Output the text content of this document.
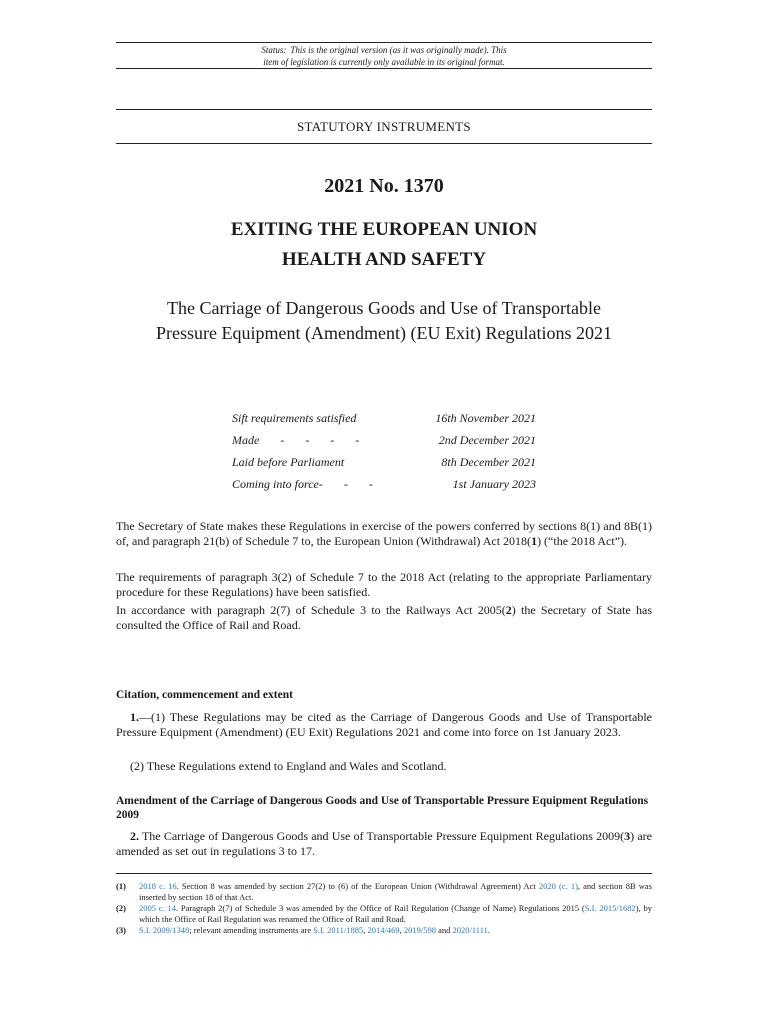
Status: This is the original version (as it was originally made). This
item of legislation is currently only available in its original format.
STATUTORY INSTRUMENTS
2021 No. 1370
EXITING THE EUROPEAN UNION
HEALTH AND SAFETY
The Carriage of Dangerous Goods and Use of Transportable
Pressure Equipment (Amendment) (EU Exit) Regulations 2021
Sift requirements satisfied	16th November 2021
Made       -       -       -       -	2nd December 2021
Laid before Parliament	8th December 2021
Coming into force-       -       -	1st January 2023
The Secretary of State makes these Regulations in exercise of the powers conferred by sections 8(1) and 8B(1) of, and paragraph 21(b) of Schedule 7 to, the European Union (Withdrawal) Act 2018(1) (“the 2018 Act”).
The requirements of paragraph 3(2) of Schedule 7 to the 2018 Act (relating to the appropriate Parliamentary procedure for these Regulations) have been satisfied.
In accordance with paragraph 2(7) of Schedule 3 to the Railways Act 2005(2) the Secretary of State has consulted the Office of Rail and Road.
Citation, commencement and extent
1.—(1) These Regulations may be cited as the Carriage of Dangerous Goods and Use of Transportable Pressure Equipment (Amendment) (EU Exit) Regulations 2021 and come into force on 1st January 2023.
(2) These Regulations extend to England and Wales and Scotland.
Amendment of the Carriage of Dangerous Goods and Use of Transportable Pressure Equipment Regulations 2009
2. The Carriage of Dangerous Goods and Use of Transportable Pressure Equipment Regulations 2009(3) are amended as set out in regulations 3 to 17.
(1) 2018 c. 16. Section 8 was amended by section 27(2) to (6) of the European Union (Withdrawal Agreement) Act 2020 (c. 1), and section 8B was inserted by section 18 of that Act.
(2) 2005 c. 14. Paragraph 2(7) of Schedule 3 was amended by the Office of Rail Regulation (Change of Name) Regulations 2015 (S.I. 2015/1682), by which the Office of Rail Regulation was renamed the Office of Rail and Road.
(3) S.I. 2009/1348; relevant amending instruments are S.I. 2011/1885, 2014/469, 2019/598 and 2020/1111.
